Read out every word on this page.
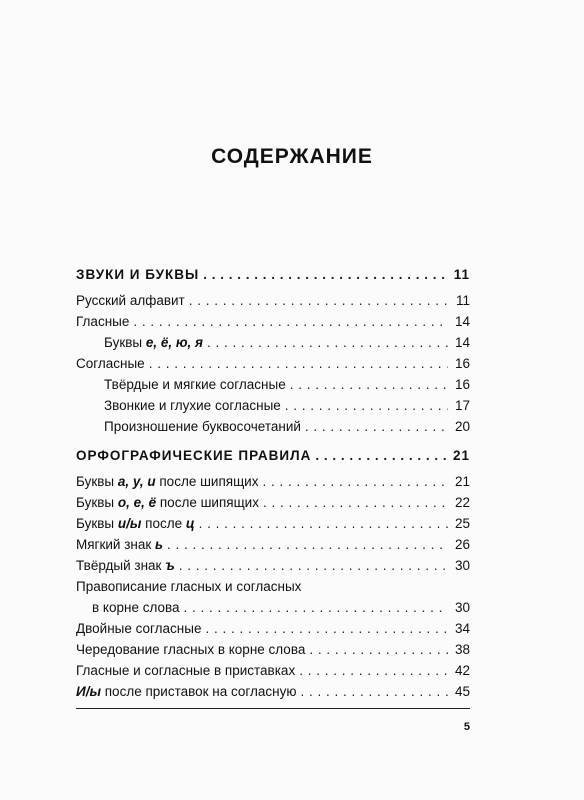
СОДЕРЖАНИЕ
ЗВУКИ И БУКВЫ . . .	11
Русский алфавит . . .	11
Гласные . . .	14
Буквы е, ё, ю, я . . .	14
Согласные . . .	16
Твёрдые и мягкие согласные . . .	16
Звонкие и глухие согласные . . .	17
Произношение буквосочетаний . . .	20
ОРФОГРАФИЧЕСКИЕ ПРАВИЛА . . .	21
Буквы а, у, и после шипящих . . .	21
Буквы о, е, ё после шипящих . . .	22
Буквы и/ы после ц . . .	25
Мягкий знак ь . . .	26
Твёрдый знак ъ . . .	30
Правописание гласных и согласных
в корне слова . . .	30
Двойные согласные . . .	34
Чередование гласных в корне слова . . .	38
Гласные и согласные в приставках . . .	42
И/ы после приставок на согласную . . .	45
5
